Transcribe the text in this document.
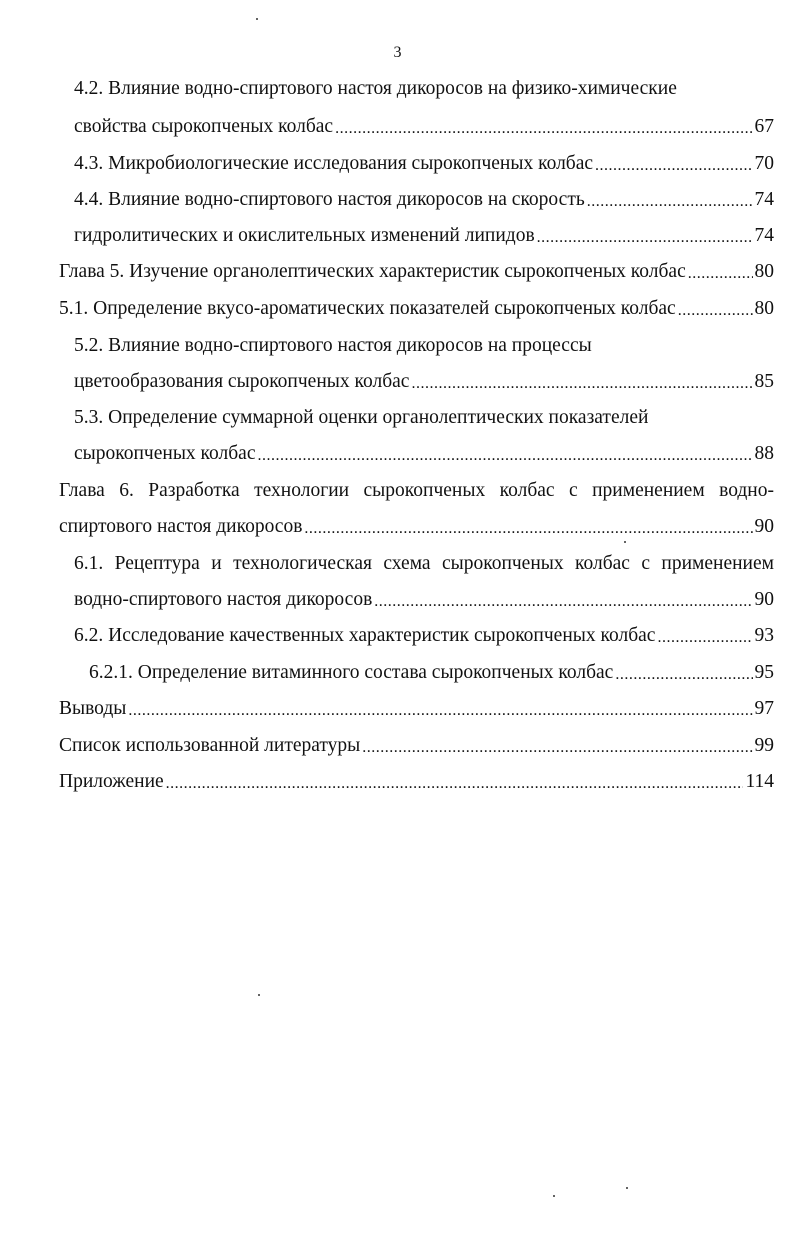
3
4.2. Влияние водно-спиртового настоя дикоросов на физико-химические
свойства сырокопченых колбас .....	67
4.3. Микробиологические исследования сырокопченых колбас .....	70
4.4. Влияние водно-спиртового настоя дикоросов на скорость .....	74
гидролитических и окислительных изменений липидов .....	74
Глава 5. Изучение органолептических характеристик сырокопченых колбас .....	80
5.1. Определение вкусо-ароматических показателей сырокопченых колбас .....	80
5.2. Влияние водно-спиртового настоя дикоросов на процессы
цветообразования сырокопченых колбас .....	85
5.3. Определение суммарной оценки органолептических показателей
сырокопченых колбас .....	88
Глава 6. Разработка технологии сырокопченых колбас с применением водно-
спиртового настоя дикоросов .....	90
6.1. Рецептура и технологическая схема сырокопченых колбас с применением
водно-спиртового настоя дикоросов .....	90
6.2. Исследование качественных характеристик сырокопченых колбас .....	93
6.2.1. Определение витаминного состава сырокопченых колбас .....	95
Выводы .....	97
Список использованной литературы .....	99
Приложение .....	114
